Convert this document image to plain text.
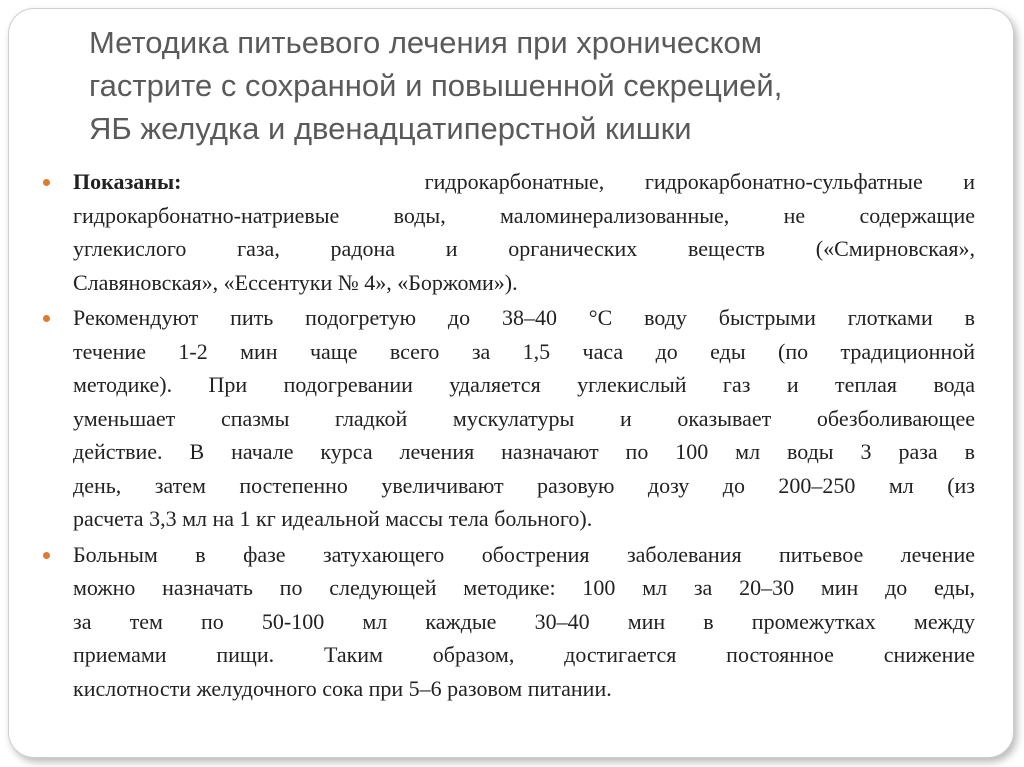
Методика питьевого лечения при хроническом
гастрите с сохранной и повышенной секрецией,
ЯБ желудка и двенадцатиперстной кишки
Показаны:	гидрокарбонатные, гидрокарбонатно-сульфатные и
гидрокарбонатно-натриевые воды, маломинерализованные, не содержащие
углекислого газа, радона и органических веществ («Смирновская»,
Славяновская», «Ессентуки № 4», «Боржоми»).
Рекомендуют пить подогретую до 38–40 °С воду быстрыми глотками в
течение 1-2 мин чаще всего за 1,5 часа до еды (по традиционной
методике). При подогревании удаляется углекислый газ и теплая вода
уменьшает спазмы гладкой мускулатуры и оказывает обезболивающее
действие. В начале курса лечения назначают по 100 мл воды 3 раза в
день, затем постепенно увеличивают разовую дозу до 200–250 мл (из
расчета 3,3 мл на 1 кг идеальной массы тела больного).
Больным в фазе затухающего обострения заболевания питьевое лечение
можно назначать по следующей методике: 100 мл за 20–30 мин до еды,
за тем по 50-100 мл каждые 30–40 мин в промежутках между
приемами пищи. Таким образом, достигается постоянное снижение
кислотности желудочного сока при 5–6 разовом питании.
